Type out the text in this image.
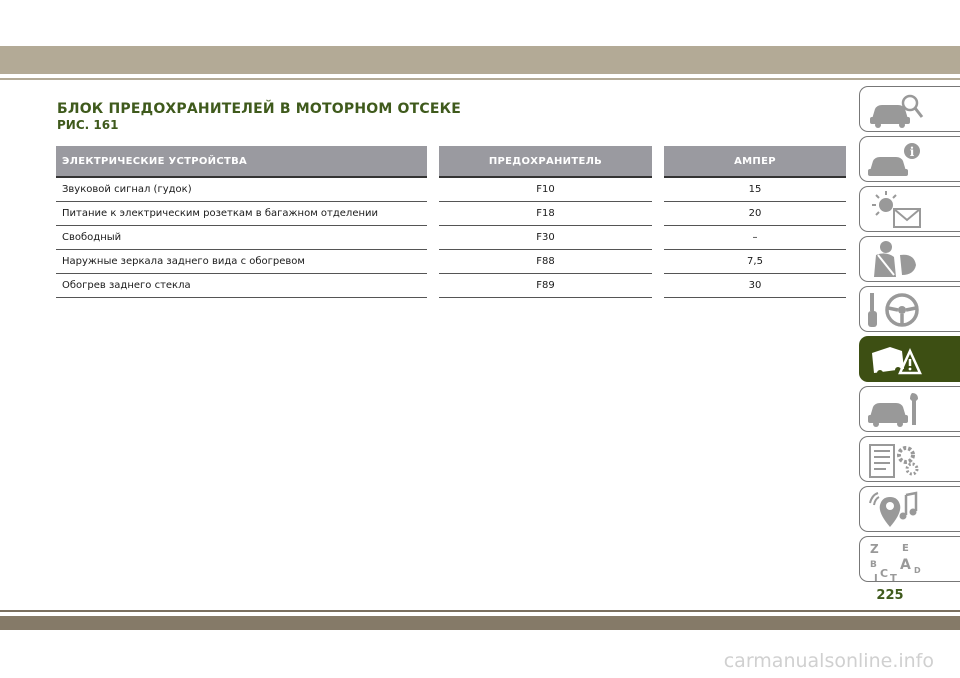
БЛОК ПРЕДОХРАНИТЕЛЕЙ В МОТОРНОМ ОТСЕКЕ
РИС. 161
ЭЛЕКТРИЧЕСКИЕ УСТРОЙСТВА		ПРЕДОХРАНИТЕЛЬ		АМПЕР
Звуковой сигнал (гудок)		F10		15
Питание к электрическим розеткам в багажном отделении		F18		20
Свободный		F30		–
Наружные зеркала заднего вида с обогревом		F88		7,5
Обогрев заднего стекла		F89		30
i
Z E
B A
C T
D
I
225
carmanualsonline.info
